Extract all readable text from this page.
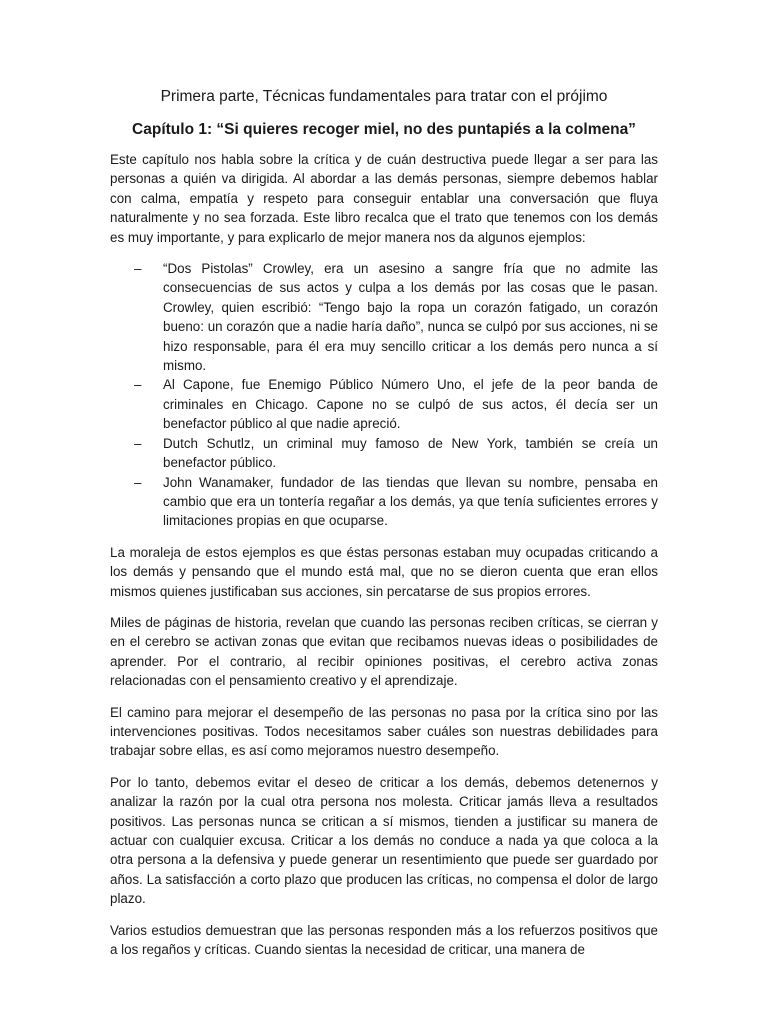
Primera parte, Técnicas fundamentales para tratar con el prójimo
Capítulo 1: “Si quieres recoger miel, no des puntapiés a la colmena”

Este capítulo nos habla sobre la crítica y de cuán destructiva puede llegar a ser para las personas a quién va dirigida. Al abordar a las demás personas, siempre debemos hablar con calma, empatía y respeto para conseguir entablar una conversación que fluya naturalmente y no sea forzada. Este libro recalca que el trato que tenemos con los demás es muy importante, y para explicarlo de mejor manera nos da algunos ejemplos:

– “Dos Pistolas” Crowley, era un asesino a sangre fría que no admite las consecuencias de sus actos y culpa a los demás por las cosas que le pasan. Crowley, quien escribió: “Tengo bajo la ropa un corazón fatigado, un corazón bueno: un corazón que a nadie haría daño”, nunca se culpó por sus acciones, ni se hizo responsable, para él era muy sencillo criticar a los demás pero nunca a sí mismo.
– Al Capone, fue Enemigo Público Número Uno, el jefe de la peor banda de criminales en Chicago. Capone no se culpó de sus actos, él decía ser un benefactor público al que nadie apreció.
– Dutch Schutlz, un criminal muy famoso de New York, también se creía un benefactor público.
– John Wanamaker, fundador de las tiendas que llevan su nombre, pensaba en cambio que era un tontería regañar a los demás, ya que tenía suficientes errores y limitaciones propias en que ocuparse.

La moraleja de estos ejemplos es que éstas personas estaban muy ocupadas criticando a los demás y pensando que el mundo está mal, que no se dieron cuenta que eran ellos mismos quienes justificaban sus acciones, sin percatarse de sus propios errores.

Miles de páginas de historia, revelan que cuando las personas reciben críticas, se cierran y en el cerebro se activan zonas que evitan que recibamos nuevas ideas o posibilidades de aprender. Por el contrario, al recibir opiniones positivas, el cerebro activa zonas relacionadas con el pensamiento creativo y el aprendizaje.

El camino para mejorar el desempeño de las personas no pasa por la crítica sino por las intervenciones positivas. Todos necesitamos saber cuáles son nuestras debilidades para trabajar sobre ellas, es así como mejoramos nuestro desempeño.

Por lo tanto, debemos evitar el deseo de criticar a los demás, debemos detenernos y analizar la razón por la cual otra persona nos molesta. Criticar jamás lleva a resultados positivos. Las personas nunca se critican a sí mismos, tienden a justificar su manera de actuar con cualquier excusa. Criticar a los demás no conduce a nada ya que coloca a la otra persona a la defensiva y puede generar un resentimiento que puede ser guardado por años. La satisfacción a corto plazo que producen las críticas, no compensa el dolor de largo plazo.

Varios estudios demuestran que las personas responden más a los refuerzos positivos que a los regaños y críticas. Cuando sientas la necesidad de criticar, una manera de
